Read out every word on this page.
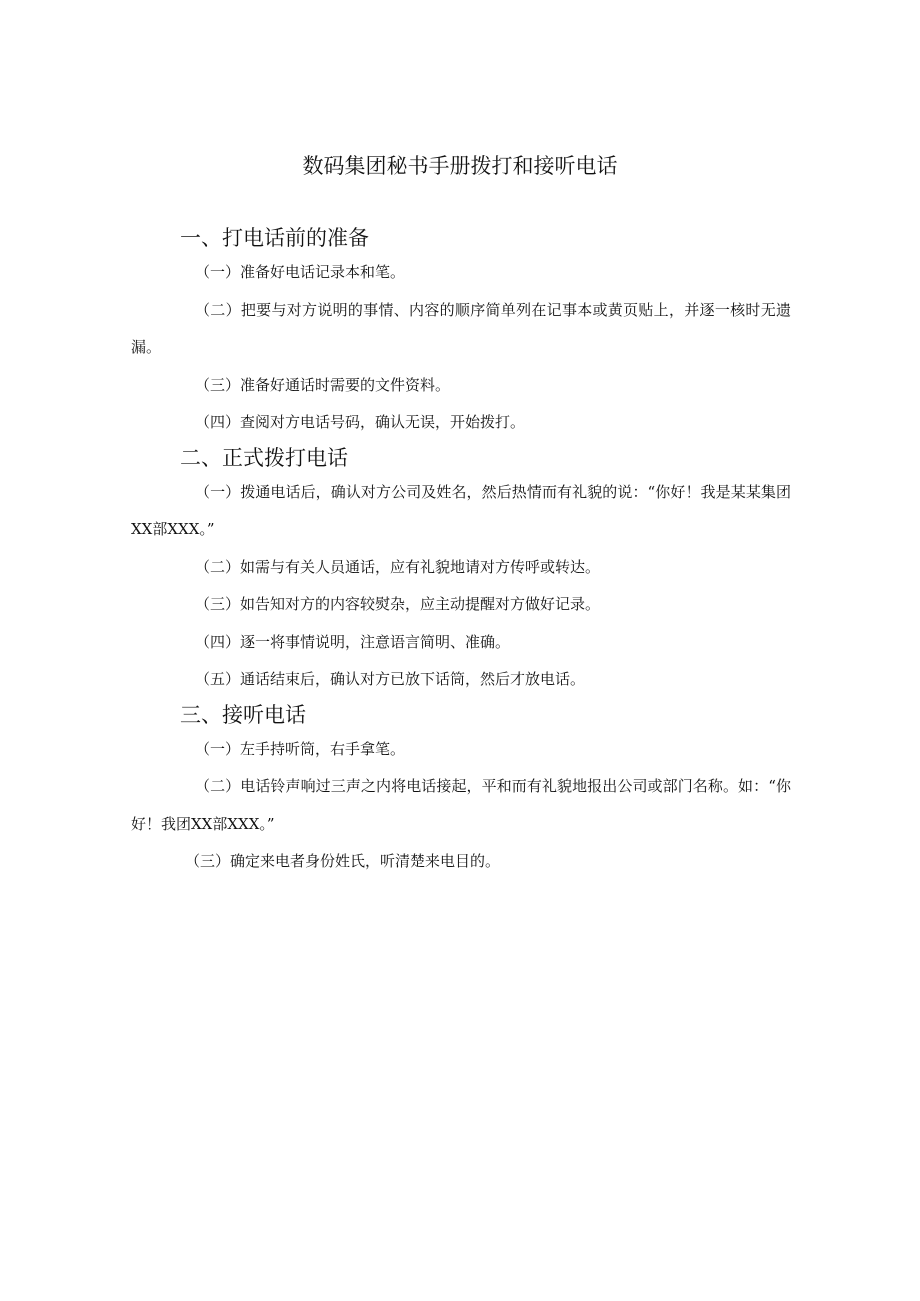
数码集团秘书手册拨打和接听电话
一、打电话前的准备

（一）准备好电话记录本和笔。

（二）把要与对方说明的事情、内容的顺序简单列在记事本或黄页贴上，并逐一核时无遗漏。

（三）准备好通话时需要的文件资料。

（四）查阅对方电话号码，确认无误，开始拨打。

二、正式拨打电话

（一）拨通电话后，确认对方公司及姓名，然后热情而有礼貌的说：“你好！我是某某集团XX部XXX。”

（二）如需与有关人员通话，应有礼貌地请对方传呼或转达。

（三）如告知对方的内容较熨杂，应主动提醒对方做好记录。

（四）逐一将事情说明，注意语言简明、准确。

（五）通话结束后，确认对方已放下话筒，然后才放电话。

三、接听电话

（一）左手持听筒，右手拿笔。

（二）电话铃声响过三声之内将电话接起，平和而有礼貌地报出公司或部门名称。如：“你好！我团XX部XXX。”

（三）确定来电者身份姓氏，听清楚来电目的。
